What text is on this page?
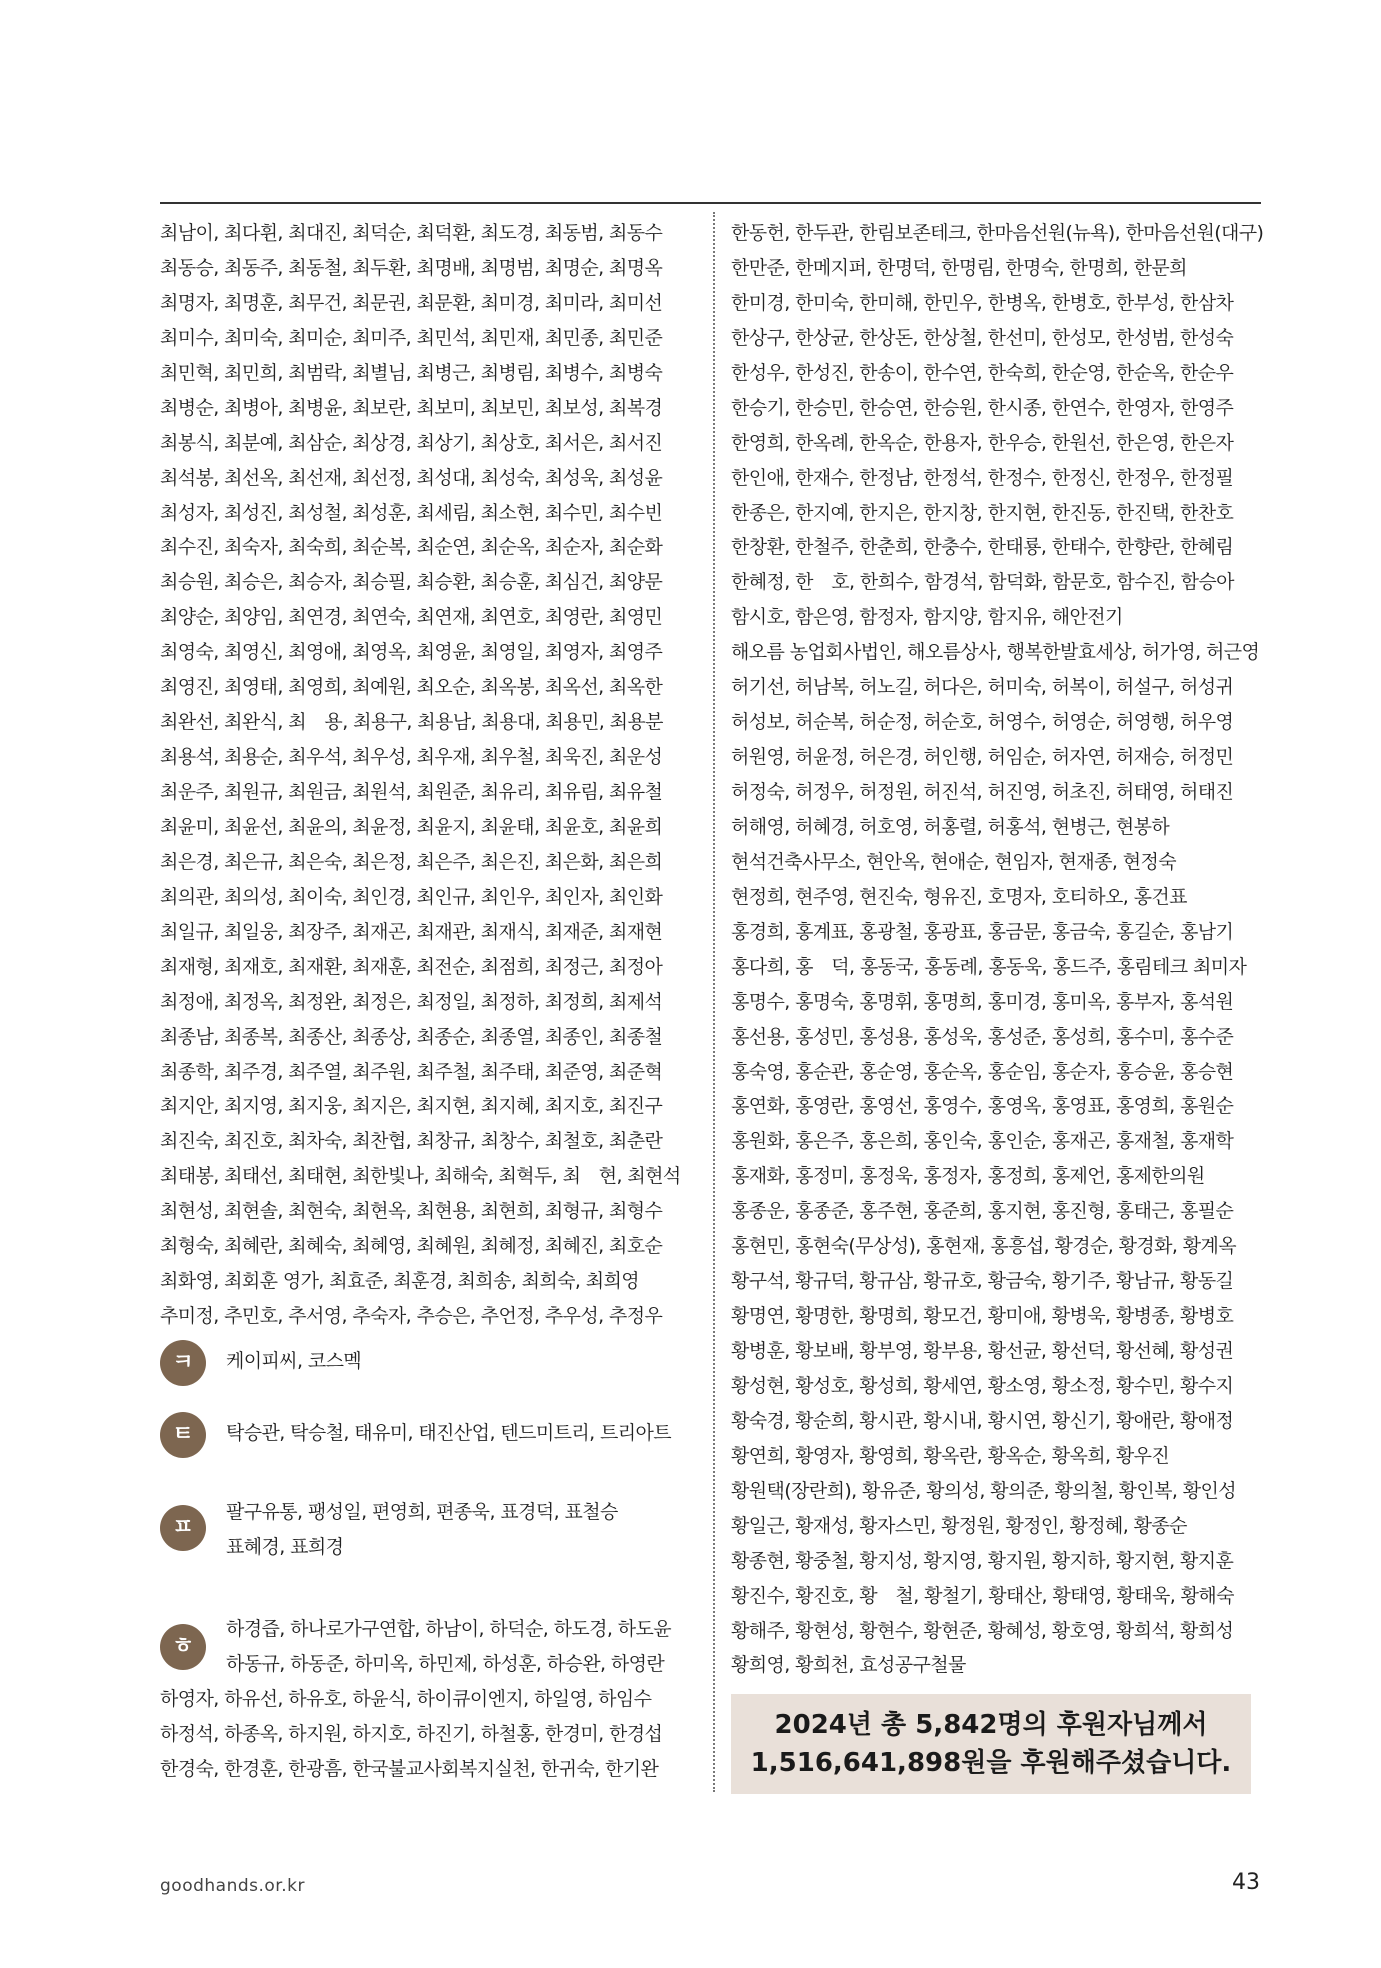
최남이, 최다휜, 최대진, 최덕순, 최덕환, 최도경, 최동범, 최동수
최동승, 최동주, 최동철, 최두환, 최명배, 최명범, 최명순, 최명옥
최명자, 최명훈, 최무건, 최문권, 최문환, 최미경, 최미라, 최미선
최미수, 최미숙, 최미순, 최미주, 최민석, 최민재, 최민종, 최민준
최민혁, 최민희, 최범락, 최별님, 최병근, 최병림, 최병수, 최병숙
최병순, 최병아, 최병윤, 최보란, 최보미, 최보민, 최보성, 최복경
최봉식, 최분예, 최삼순, 최상경, 최상기, 최상호, 최서은, 최서진
최석봉, 최선옥, 최선재, 최선정, 최성대, 최성숙, 최성욱, 최성윤
최성자, 최성진, 최성철, 최성훈, 최세림, 최소현, 최수민, 최수빈
최수진, 최숙자, 최숙희, 최순복, 최순연, 최순옥, 최순자, 최순화
최승원, 최승은, 최승자, 최승필, 최승환, 최승훈, 최심건, 최양문
최양순, 최양임, 최연경, 최연숙, 최연재, 최연호, 최영란, 최영민
최영숙, 최영신, 최영애, 최영옥, 최영윤, 최영일, 최영자, 최영주
최영진, 최영태, 최영희, 최예원, 최오순, 최옥봉, 최옥선, 최옥한
최완선, 최완식, 최　용, 최용구, 최용남, 최용대, 최용민, 최용분
최용석, 최용순, 최우석, 최우성, 최우재, 최우철, 최욱진, 최운성
최운주, 최원규, 최원금, 최원석, 최원준, 최유리, 최유림, 최유철
최윤미, 최윤선, 최윤의, 최윤정, 최윤지, 최윤태, 최윤호, 최윤희
최은경, 최은규, 최은숙, 최은정, 최은주, 최은진, 최은화, 최은희
최의관, 최의성, 최이숙, 최인경, 최인규, 최인우, 최인자, 최인화
최일규, 최일웅, 최장주, 최재곤, 최재관, 최재식, 최재준, 최재현
최재형, 최재호, 최재환, 최재훈, 최전순, 최점희, 최정근, 최정아
최정애, 최정옥, 최정완, 최정은, 최정일, 최정하, 최정희, 최제석
최종남, 최종복, 최종산, 최종상, 최종순, 최종열, 최종인, 최종철
최종학, 최주경, 최주열, 최주원, 최주철, 최주태, 최준영, 최준혁
최지안, 최지영, 최지웅, 최지은, 최지현, 최지혜, 최지호, 최진구
최진숙, 최진호, 최차숙, 최찬협, 최창규, 최창수, 최철호, 최춘란
최태봉, 최태선, 최태현, 최한빛나, 최해숙, 최혁두, 최　현, 최현석
최현성, 최현솔, 최현숙, 최현옥, 최현용, 최현희, 최형규, 최형수
최형숙, 최혜란, 최혜숙, 최혜영, 최혜원, 최혜정, 최혜진, 최호순
최화영, 최회훈 영가, 최효준, 최훈경, 최희송, 최희숙, 최희영
추미정, 추민호, 추서영, 추숙자, 추승은, 추언정, 추우성, 추정우
ㅋ	케이피씨, 코스멕
ㅌ	탁승관, 탁승철, 태유미, 태진산업, 텐드미트리, 트리아트
ㅍ
팔구유통, 팽성일, 편영희, 편종욱, 표경덕, 표철승
표혜경, 표희경
ㅎ
하경즙, 하나로가구연합, 하남이, 하덕순, 하도경, 하도윤
하동규, 하동준, 하미옥, 하민제, 하성훈, 하승완, 하영란
하영자, 하유선, 하유호, 하윤식, 하이큐이엔지, 하일영, 하임수
하정석, 하종옥, 하지원, 하지호, 하진기, 하철홍, 한경미, 한경섭
한경숙, 한경훈, 한광흠, 한국불교사회복지실천, 한귀숙, 한기완
한동헌, 한두관, 한림보존테크, 한마음선원(뉴욕), 한마음선원(대구)
한만준, 한메지퍼, 한명덕, 한명림, 한명숙, 한명희, 한문희
한미경, 한미숙, 한미해, 한민우, 한병옥, 한병호, 한부성, 한삼차
한상구, 한상균, 한상돈, 한상철, 한선미, 한성모, 한성범, 한성숙
한성우, 한성진, 한송이, 한수연, 한숙희, 한순영, 한순옥, 한순우
한승기, 한승민, 한승연, 한승원, 한시종, 한연수, 한영자, 한영주
한영희, 한옥례, 한옥순, 한용자, 한우승, 한원선, 한은영, 한은자
한인애, 한재수, 한정남, 한정석, 한정수, 한정신, 한정우, 한정필
한종은, 한지예, 한지은, 한지창, 한지현, 한진동, 한진택, 한찬호
한창환, 한철주, 한춘희, 한충수, 한태룡, 한태수, 한향란, 한혜림
한혜정, 한　호, 한희수, 함경석, 함덕화, 함문호, 함수진, 함승아
함시호, 함은영, 함정자, 함지양, 함지유, 해안전기
해오름 농업회사법인, 해오름상사, 행복한발효세상, 허가영, 허근영
허기선, 허남복, 허노길, 허다은, 허미숙, 허복이, 허설구, 허성귀
허성보, 허순복, 허순정, 허순호, 허영수, 허영순, 허영행, 허우영
허원영, 허윤정, 허은경, 허인행, 허임순, 허자연, 허재승, 허정민
허정숙, 허정우, 허정원, 허진석, 허진영, 허초진, 허태영, 허태진
허해영, 허혜경, 허호영, 허홍렬, 허홍석, 현병근, 현봉하
현석건축사무소, 현안옥, 현애순, 현임자, 현재종, 현정숙
현정희, 현주영, 현진숙, 형유진, 호명자, 호티하오, 홍건표
홍경희, 홍계표, 홍광철, 홍광표, 홍금문, 홍금숙, 홍길순, 홍남기
홍다희, 홍　덕, 홍동국, 홍동례, 홍동욱, 홍드주, 홍림테크 최미자
홍명수, 홍명숙, 홍명휘, 홍명희, 홍미경, 홍미옥, 홍부자, 홍석원
홍선용, 홍성민, 홍성용, 홍성욱, 홍성준, 홍성희, 홍수미, 홍수준
홍숙영, 홍순관, 홍순영, 홍순옥, 홍순임, 홍순자, 홍승윤, 홍승현
홍연화, 홍영란, 홍영선, 홍영수, 홍영옥, 홍영표, 홍영희, 홍원순
홍원화, 홍은주, 홍은희, 홍인숙, 홍인순, 홍재곤, 홍재철, 홍재학
홍재화, 홍정미, 홍정욱, 홍정자, 홍정희, 홍제언, 홍제한의원
홍종운, 홍종준, 홍주현, 홍준희, 홍지현, 홍진형, 홍태근, 홍필순
홍현민, 홍현숙(무상성), 홍현재, 홍흥섭, 황경순, 황경화, 황계옥
황구석, 황규덕, 황규삼, 황규호, 황금숙, 황기주, 황남규, 황동길
황명연, 황명한, 황명희, 황모건, 황미애, 황병욱, 황병종, 황병호
황병훈, 황보배, 황부영, 황부용, 황선균, 황선덕, 황선혜, 황성권
황성현, 황성호, 황성희, 황세연, 황소영, 황소정, 황수민, 황수지
황숙경, 황순희, 황시관, 황시내, 황시연, 황신기, 황애란, 황애정
황연희, 황영자, 황영희, 황옥란, 황옥순, 황옥희, 황우진
황원택(장란희), 황유준, 황의성, 황의준, 황의철, 황인복, 황인성
황일근, 황재성, 황자스민, 황정원, 황정인, 황정혜, 황종순
황종현, 황중철, 황지성, 황지영, 황지원, 황지하, 황지현, 황지훈
황진수, 황진호, 황　철, 황철기, 황태산, 황태영, 황태욱, 황해숙
황해주, 황현성, 황현수, 황현준, 황혜성, 황호영, 황희석, 황희성
황희영, 황희천, 효성공구철물
2024년 총 5,842명의 후원자님께서
1,516,641,898원을 후원해주셨습니다.
goodhands.or.kr	43
